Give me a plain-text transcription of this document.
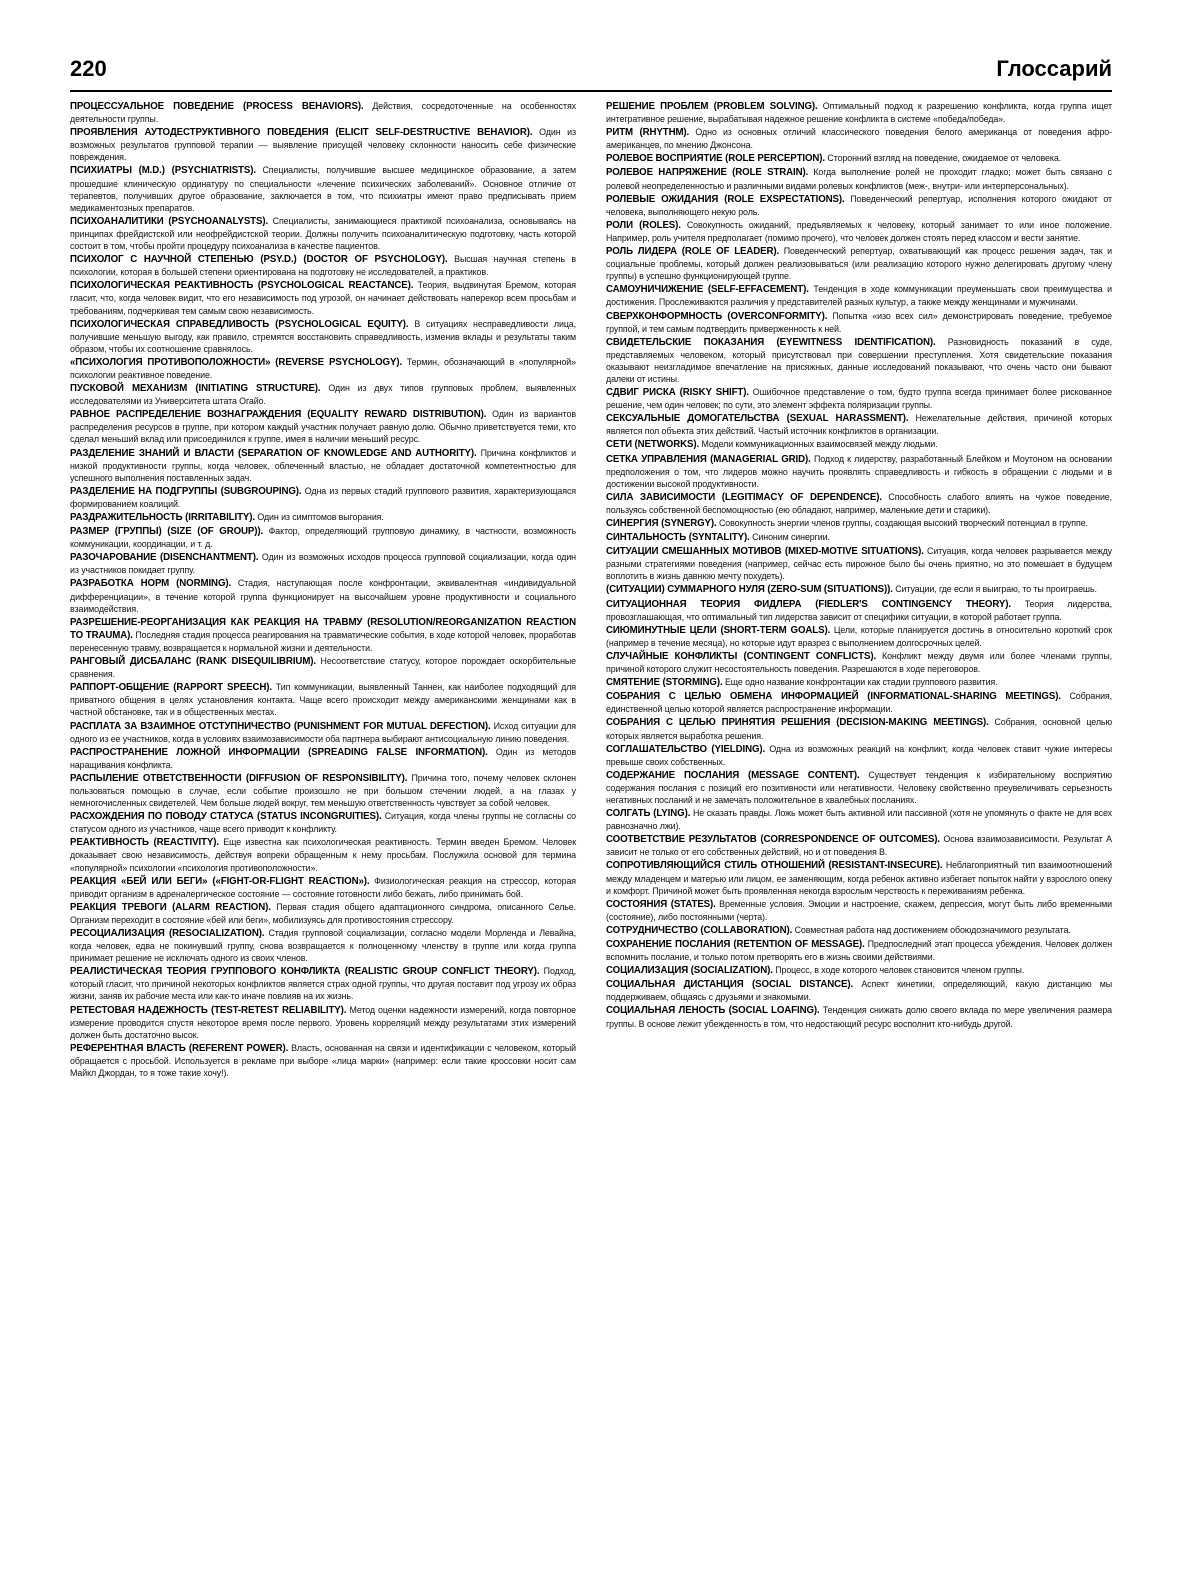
220	Глоссарий

ПРОЦЕССУАЛЬНОЕ ПОВЕДЕНИЕ (PROCESS BEHAVIORS). Действия, сосредоточенные на особенностях деятельности группы.

ПРОЯВЛЕНИЯ АУТОДЕСТРУКТИВНОГО ПОВЕДЕНИЯ (ELICIT SELF-DESTRUCTIVE BEHAVIOR). Один из возможных результатов групповой терапии — выявление присущей человеку склонности наносить себе физические повреждения.

ПСИХИАТРЫ (M.D.) (PSYCHIATRISTS). Специалисты, получившие высшее медицинское образование, а затем прошедшие клиническую ординатуру по специальности «лечение психических заболеваний». Основное отличие от терапевтов, получивших другое образование, заключается в том, что психиатры имеют право предписывать прием медикаментозных препаратов.

ПСИХОАНАЛИТИКИ (PSYCHOANALYSTS). Специалисты, занимающиеся практикой психоанализа, основываясь на принципах фрейдистской или неофрейдистской теории. Должны получить психоаналитическую подготовку, часть которой состоит в том, чтобы пройти процедуру психоанализа в качестве пациентов.

ПСИХОЛОГ С НАУЧНОЙ СТЕПЕНЬЮ (PSY.D.) (DOCTOR OF PSYCHOLOGY). Высшая научная степень в психологии, которая в большей степени ориентирована на подготовку не исследователей, а практиков.

ПСИХОЛОГИЧЕСКАЯ РЕАКТИВНОСТЬ (PSYCHOLOGICAL REACTANCE). Теория, выдвинутая Бремом, которая гласит, что, когда человек видит, что его независимость под угрозой, он начинает действовать наперекор всем просьбам и требованиям, подчеркивая тем самым свою независимость.

ПСИХОЛОГИЧЕСКАЯ СПРАВЕДЛИВОСТЬ (PSYCHOLOGICAL EQUITY). В ситуациях несправедливости лица, получившие меньшую выгоду, как правило, стремятся восстановить справедливость, изменив вклады и результаты таким образом, чтобы их соотношение сравнялось.

«ПСИХОЛОГИЯ ПРОТИВОПОЛОЖНОСТИ» (REVERSE PSYCHOLOGY). Термин, обозначающий в «популярной» психологии реактивное поведение.

ПУСКОВОЙ МЕХАНИЗМ (INITIATING STRUCTURE). Один из двух типов групповых проблем, выявленных исследователями из Университета штата Огайо.

РАВНОЕ РАСПРЕДЕЛЕНИЕ ВОЗНАГРАЖДЕНИЯ (EQUALITY REWARD DISTRIBUTION). Один из вариантов распределения ресурсов в группе, при котором каждый участник получает равную долю. Обычно приветствуется теми, кто сделал меньший вклад или присоединился к группе, имея в наличии меньший ресурс.

РАЗДЕЛЕНИЕ ЗНАНИЙ И ВЛАСТИ (SEPARATION OF KNOWLEDGE AND AUTHORITY). Причина конфликтов и низкой продуктивности группы, когда человек, облеченный властью, не обладает достаточной компетентностью для успешного выполнения поставленных задач.

РАЗДЕЛЕНИЕ НА ПОДГРУППЫ (SUBGROUPING). Одна из первых стадий группового развития, характеризующаяся формированием коалиций.

РАЗДРАЖИТЕЛЬНОСТЬ (IRRITABILITY). Один из симптомов выгорания.

РАЗМЕР (ГРУППЫ) (SIZE (OF GROUP)). Фактор, определяющий групповую динамику, в частности, возможность коммуникации, координации, и т. д.

РАЗОЧАРОВАНИЕ (DISENCHANTMENT). Один из возможных исходов процесса групповой социализации, когда один из участников покидает группу.

РАЗРАБОТКА НОРМ (NORMING). Стадия, наступающая после конфронтации, эквивалентная «индивидуальной дифференциации», в течение которой группа функционирует на высочайшем уровне продуктивности и социального взаимодействия.

РАЗРЕШЕНИЕ-РЕОРГАНИЗАЦИЯ КАК РЕАКЦИЯ НА ТРАВМУ (RESOLUTION/REORGANIZATION REACTION TO TRAUMA). Последняя стадия процесса реагирования на травматические события, в ходе которой человек, проработав перенесенную травму, возвращается к нормальной жизни и деятельности.

РАНГОВЫЙ ДИСБАЛАНС (RANK DISEQUILIBRIUM). Несоответствие статусу, которое порождает оскорбительные сравнения.

РАППОРТ-ОБЩЕНИЕ (RAPPORT SPEECH). Тип коммуникации, выявленный Таннен, как наиболее подходящий для приватного общения в целях установления контакта. Чаще всего происходит между американскими женщинами как в частной обстановке, так и в общественных местах.

РАСПЛАТА ЗА ВЗАИМНОЕ ОТСТУПНИЧЕСТВО (PUNISHMENT FOR MUTUAL DEFECTION). Исход ситуации для одного из ее участников, когда в условиях взаимозависимости оба партнера выбирают антисоциальную линию поведения.

РАСПРОСТРАНЕНИЕ ЛОЖНОЙ ИНФОРМАЦИИ (SPREADING FALSE INFORMATION). Один из методов наращивания конфликта.

РАСПЫЛЕНИЕ ОТВЕТСТВЕННОСТИ (DIFFUSION OF RESPONSIBILITY). Причина того, почему человек склонен пользоваться помощью в случае, если событие произошло не при большом стечении людей, а на глазах у немногочисленных свидетелей. Чем больше людей вокруг, тем меньшую ответственность чувствует за собой человек.

РАСХОЖДЕНИЯ ПО ПОВОДУ СТАТУСА (STATUS INCONGRUITIES). Ситуация, когда члены группы не согласны со статусом одного из участников, чаще всего приводит к конфликту.

РЕАКТИВНОСТЬ (REACTIVITY). Еще известна как психологическая реактивность. Термин введен Бремом. Человек доказывает свою независимость, действуя вопреки обращенным к нему просьбам. Послужила основой для термина «популярной» психологии «психология противоположности».

РЕАКЦИЯ «БЕЙ ИЛИ БЕГИ» («FIGHT-OR-FLIGHT REACTION»). Физиологическая реакция на стрессор, которая приводит организм в адреналергическое состояние — состояние готовности либо бежать, либо принимать бой.

РЕАКЦИЯ ТРЕВОГИ (ALARM REACTION). Первая стадия общего адаптационного синдрома, описанного Селье. Организм переходит в состояние «бей или беги», мобилизуясь для противостояния стрессору.

РЕСОЦИАЛИЗАЦИЯ (RESOCIALIZATION). Стадия групповой социализации, согласно модели Морленда и Левайна, когда человек, едва не покинувший группу, снова возвращается к полноценному членству в группе или когда группа принимает решение не исключать одного из своих членов.

РЕАЛИСТИЧЕСКАЯ ТЕОРИЯ ГРУППОВОГО КОНФЛИКТА (REALISTIC GROUP CONFLICT THEORY). Подход, который гласит, что причиной некоторых конфликтов является страх одной группы, что другая поставит под угрозу их образ жизни, заняв их рабочие места или как-то иначе повлияв на их жизнь.

РЕТЕСТОВАЯ НАДЕЖНОСТЬ (TEST-RETEST RELIABILITY). Метод оценки надежности измерений, когда повторное измерение проводится спустя некоторое время после первого. Уровень корреляций между результатами этих измерений должен быть достаточно высок.

РЕФЕРЕНТНАЯ ВЛАСТЬ (REFERENT POWER). Власть, основанная на связи и идентификации с человеком, который обращается с просьбой. Используется в рекламе при выборе «лица марки» (например: если такие кроссовки носит сам Майкл Джордан, то я тоже такие хочу!).

РЕШЕНИЕ ПРОБЛЕМ (PROBLEM SOLVING). Оптимальный подход к разрешению конфликта, когда группа ищет интегративное решение, вырабатывая надежное решение конфликта в системе «победа/победа».

РИТМ (RHYTHM). Одно из основных отличий классического поведения белого американца от поведения афро-американцев, по мнению Джонсона.

РОЛЕВОЕ ВОСПРИЯТИЕ (ROLE PERCEPTION). Сторонний взгляд на поведение, ожидаемое от человека.

РОЛЕВОЕ НАПРЯЖЕНИЕ (ROLE STRAIN). Когда выполнение ролей не проходит гладко; может быть связано с ролевой неопределенностью и различными видами ролевых конфликтов (меж-, внутри- или интерперсональных).

РОЛЕВЫЕ ОЖИДАНИЯ (ROLE EXSPECTATIONS). Поведенческий репертуар, исполнения которого ожидают от человека, выполняющего некую роль.

РОЛИ (ROLES). Совокупность ожиданий, предъявляемых к человеку, который занимает то или иное положение. Например, роль учителя предполагает (помимо прочего), что человек должен стоять перед классом и вести занятие.

РОЛЬ ЛИДЕРА (ROLE OF LEADER). Поведенческий репертуар, охватывающий как процесс решения задач, так и социальные проблемы, который должен реализовываться (или реализацию которого нужно делегировать другому члену группы) в успешно функционирующей группе.

САМОУНИЧИЖЕНИЕ (SELF-EFFACEMENT). Тенденция в ходе коммуникации преуменьшать свои преимущества и достижения. Прослеживаются различия у представителей разных культур, а также между женщинами и мужчинами.

СВЕРХКОНФОРМНОСТЬ (OVERCONFORMITY). Попытка «изо всех сил» демонстрировать поведение, требуемое группой, и тем самым подтвердить приверженность к ней.

СВИДЕТЕЛЬСКИЕ ПОКАЗАНИЯ (EYEWITNESS IDENTIFICATION). Разновидность показаний в суде, представляемых человеком, который присутствовал при совершении преступления. Хотя свидетельские показания оказывают неизгладимое впечатление на присяжных, данные исследований показывают, что очень часто они бывают далеки от истины.

СДВИГ РИСКА (RISKY SHIFT). Ошибочное представление о том, будто группа всегда принимает более рискованное решение, чем один человек; по сути, это элемент эффекта поляризации группы.

СЕКСУАЛЬНЫЕ ДОМОГАТЕЛЬСТВА (SEXUAL HARASSMENT). Нежелательные действия, причиной которых является пол объекта этих действий. Частый источник конфликтов в организации.

СЕТИ (NETWORKS). Модели коммуникационных взаимосвязей между людьми.

СЕТКА УПРАВЛЕНИЯ (MANAGERIAL GRID). Подход к лидерству, разработанный Блейком и Моутоном на основании предположения о том, что лидеров можно научить проявлять справедливость и гибкость в обращении с людьми и в достижении высокой продуктивности.

СИЛА ЗАВИСИМОСТИ (LEGITIMACY OF DEPENDENCE). Способность слабого влиять на чужое поведение, пользуясь собственной беспомощностью (ею обладают, например, маленькие дети и старики).

СИНЕРГИЯ (SYNERGY). Совокупность энергии членов группы, создающая высокий творческий потенциал в группе.

СИНТАЛЬНОСТЬ (SYNTALITY). Синоним синергии.

СИТУАЦИИ СМЕШАННЫХ МОТИВОВ (MIXED-MOTIVE SITUATIONS). Ситуация, когда человек разрывается между разными стратегиями поведения (например, сейчас есть пирожное было бы очень приятно, но это помешает в будущем воплотить в жизнь давнюю мечту похудеть).

(СИТУАЦИИ) СУММАРНОГО НУЛЯ (ZERO-SUM (SITUATIONS)). Ситуации, где если я выиграю, то ты проиграешь.

СИТУАЦИОННАЯ ТЕОРИЯ ФИДЛЕРА (FIEDLER'S CONTINGENCY THEORY). Теория лидерства, провозглашающая, что оптимальный тип лидерства зависит от специфики ситуации, в которой работает группа.

СИЮМИНУТНЫЕ ЦЕЛИ (SHORT-TERM GOALS). Цели, которые планируется достичь в относительно короткий срок (например в течение месяца), но которые идут вразрез с выполнением долгосрочных целей.

СЛУЧАЙНЫЕ КОНФЛИКТЫ (CONTINGENT CONFLICTS). Конфликт между двумя или более членами группы, причиной которого служит несостоятельность поведения. Разрешаются в ходе переговоров.

СМЯТЕНИЕ (STORMING). Еще одно название конфронтации как стадии группового развития.

СОБРАНИЯ С ЦЕЛЬЮ ОБМЕНА ИНФОРМАЦИЕЙ (INFORMATIONAL-SHARING MEETINGS). Собрания, единственной целью которой является распространение информации.

СОБРАНИЯ С ЦЕЛЬЮ ПРИНЯТИЯ РЕШЕНИЯ (DECISION-MAKING MEETINGS). Собрания, основной целью которых является выработка решения.

СОГЛАШАТЕЛЬСТВО (YIELDING). Одна из возможных реакций на конфликт, когда человек ставит чужие интересы превыше своих собственных.

СОДЕРЖАНИЕ ПОСЛАНИЯ (MESSAGE CONTENT). Существует тенденция к избирательному восприятию содержания послания с позиций его позитивности или негативности. Человеку свойственно преувеличивать серьезность негативных посланий и не замечать положительное в хвалебных посланиях.

СОЛГАТЬ (LYING). Не сказать правды. Ложь может быть активной или пассивной (хотя не упомянуть о факте не для всех равнозначно лжи).

СООТВЕТСТВИЕ РЕЗУЛЬТАТОВ (CORRESPONDENCE OF OUTCOMES). Основа взаимозависимости. Результат А зависит не только от его собственных действий, но и от поведения В.

СОПРОТИВЛЯЮЩИЙСЯ СТИЛЬ ОТНОШЕНИЙ (RESISTANT-INSECURE). Неблагоприятный тип взаимоотношений между младенцем и матерью или лицом, ее заменяющим, когда ребенок активно избегает попыток найти у взрослого опеку и комфорт. Причиной может быть проявленная некогда взрослым черствость к переживаниям ребенка.

СОСТОЯНИЯ (STATES). Временные условия. Эмоции и настроение, скажем, депрессия, могут быть либо временными (состояние), либо постоянными (черта).

СОТРУДНИЧЕСТВО (COLLABORATION). Совместная работа над достижением обоюдозначимого результата.

СОХРАНЕНИЕ ПОСЛАНИЯ (RETENTION OF MESSAGE). Предпоследний этап процесса убеждения. Человек должен вспомнить послание, и только потом претворять его в жизнь своими действиями.

СОЦИАЛИЗАЦИЯ (SOCIALIZATION). Процесс, в ходе которого человек становится членом группы.

СОЦИАЛЬНАЯ ДИСТАНЦИЯ (SOCIAL DISTANCE). Аспект кинетики, определяющий, какую дистанцию мы поддерживаем, общаясь с друзьями и знакомыми.

СОЦИАЛЬНАЯ ЛЕНОСТЬ (SOCIAL LOAFING). Тенденция снижать долю своего вклада по мере увеличения размера группы. В основе лежит убежденность в том, что недостающий ресурс восполнит кто-нибудь другой.
